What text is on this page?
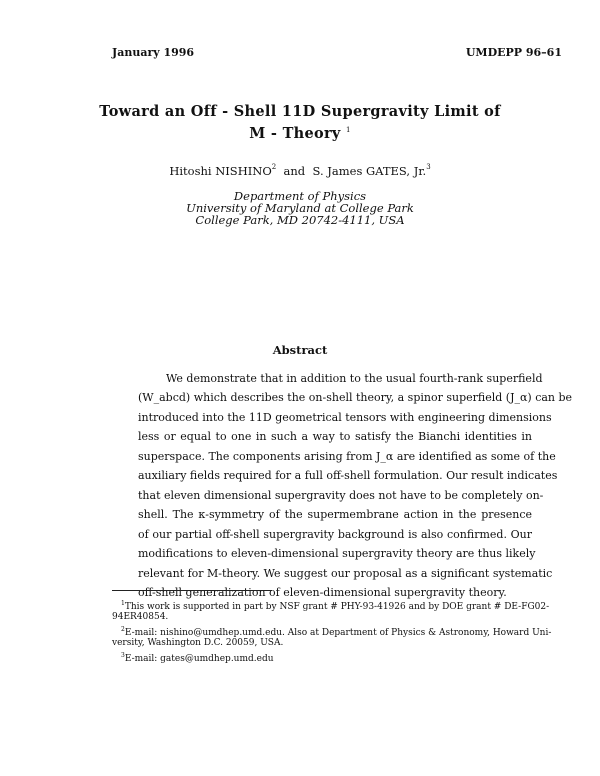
January 1996	UMDEPP 96–61
Toward an Off - Shell 11D Supergravity Limit of
M - Theory $^1$
Hitoshi NISHINO$^2$ and S. James GATES, Jr.$^3$
Department of Physics
University of Maryland at College Park
College Park, MD 20742-4111, USA
Abstract
We demonstrate that in addition to the usual fourth-rank superfield
(W_abcd) which describes the on-shell theory, a spinor superfield (J_α) can be
introduced into the 11D geometrical tensors with engineering dimensions
less or equal to one in such a way to satisfy the Bianchi identities in
superspace. The components arising from J_α are identified as some of the
auxiliary fields required for a full off-shell formulation. Our result indicates
that eleven dimensional supergravity does not have to be completely on-
shell. The κ-symmetry of the supermembrane action in the presence
of our partial off-shell supergravity background is also confirmed. Our
modifications to eleven-dimensional supergravity theory are thus likely
relevant for M-theory. We suggest our proposal as a significant systematic
off-shell generalization of eleven-dimensional supergravity theory.
$^1$This work is supported in part by NSF grant # PHY-93-41926 and by DOE grant # DE-FG02-
94ER40854.
$^2$E-mail: nishino@umdhep.umd.edu. Also at Department of Physics & Astronomy, Howard Uni-
versity, Washington D.C. 20059, USA.
$^3$E-mail: gates@umdhep.umd.edu
